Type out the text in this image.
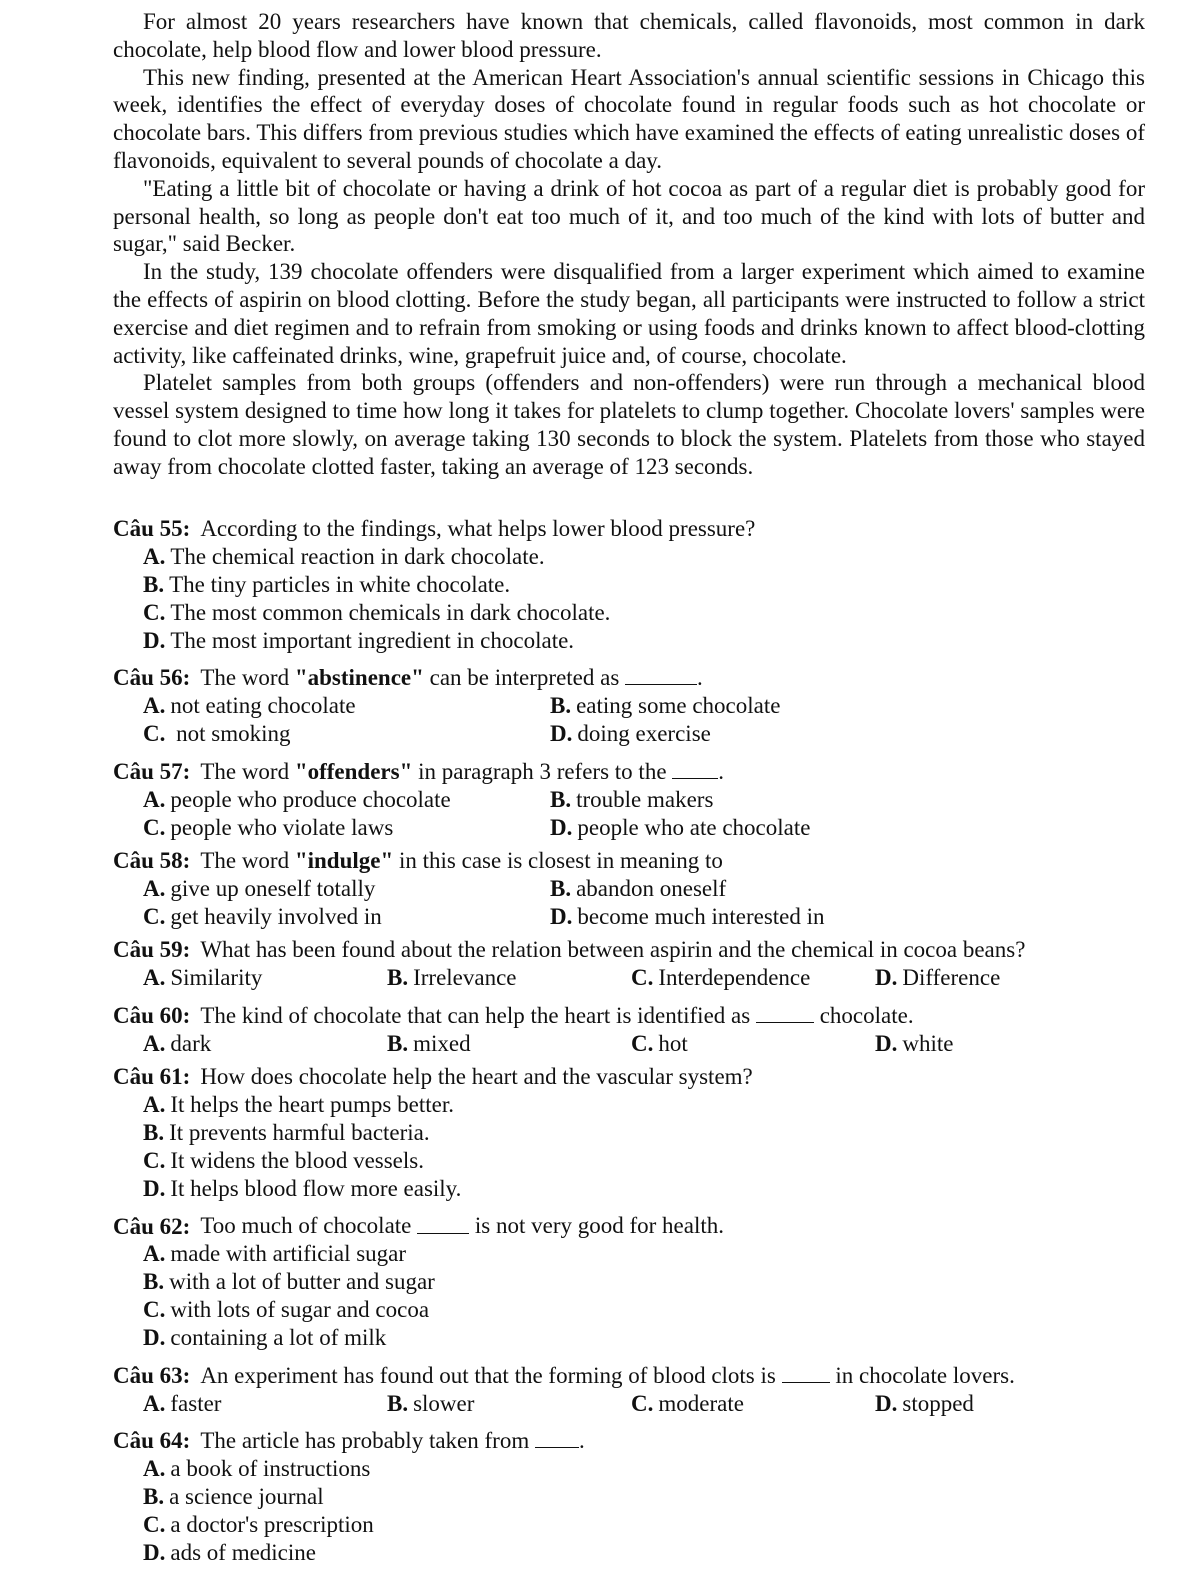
For almost 20 years researchers have known that chemicals, called flavonoids, most common in dark chocolate, help blood flow and lower blood pressure.

This new finding, presented at the American Heart Association's annual scientific sessions in Chicago this week, identifies the effect of everyday doses of chocolate found in regular foods such as hot chocolate or chocolate bars. This differs from previous studies which have examined the effects of eating unrealistic doses of flavonoids, equivalent to several pounds of chocolate a day.

"Eating a little bit of chocolate or having a drink of hot cocoa as part of a regular diet is probably good for personal health, so long as people don't eat too much of it, and too much of the kind with lots of butter and sugar," said Becker.

In the study, 139 chocolate offenders were disqualified from a larger experiment which aimed to examine the effects of aspirin on blood clotting. Before the study began, all participants were instructed to follow a strict exercise and diet regimen and to refrain from smoking or using foods and drinks known to affect blood-clotting activity, like caffeinated drinks, wine, grapefruit juice and, of course, chocolate.

Platelet samples from both groups (offenders and non-offenders) were run through a mechanical blood vessel system designed to time how long it takes for platelets to clump together. Chocolate lovers' samples were found to clot more slowly, on average taking 130 seconds to block the system. Platelets from those who stayed away from chocolate clotted faster, taking an average of 123 seconds.

Câu 55: According to the findings, what helps lower blood pressure?
A. The chemical reaction in dark chocolate.
B. The tiny particles in white chocolate.
C. The most common chemicals in dark chocolate.
D. The most important ingredient in chocolate.
Câu 56: The word "abstinence" can be interpreted as	.
A. not eating chocolate	B. eating some chocolate
C. not smoking	D. doing exercise
Câu 57: The word "offenders" in paragraph 3 refers to the .
A. people who produce chocolate	B. trouble makers
C. people who violate laws	D. people who ate chocolate
Câu 58: The word "indulge" in this case is closest in meaning to
A. give up oneself totally	B. abandon oneself
C. get heavily involved in	D. become much interested in
Câu 59: What has been found about the relation between aspirin and the chemical in cocoa beans?
A. Similarity	B. Irrelevance	C. Interdependence	D. Difference
Câu 60: The kind of chocolate that can help the heart is identified as	chocolate.
A. dark	B. mixed	C. hot	D. white
Câu 61: How does chocolate help the heart and the vascular system?
A. It helps the heart pumps better.
B. It prevents harmful bacteria.
C. It widens the blood vessels.
D. It helps blood flow more easily.
Câu 62: Too much of chocolate  is not very good for health.
A. made with artificial sugar
B. with a lot of butter and sugar
C. with lots of sugar and cocoa
D. containing a lot of milk
Câu 63: An experiment has found out that the forming of blood clots is  in chocolate lovers.
A. faster	B. slower	C. moderate	D. stopped
Câu 64: The article has probably taken from .
A. a book of instructions
B. a science journal
C. a doctor's prescription
D. ads of medicine
